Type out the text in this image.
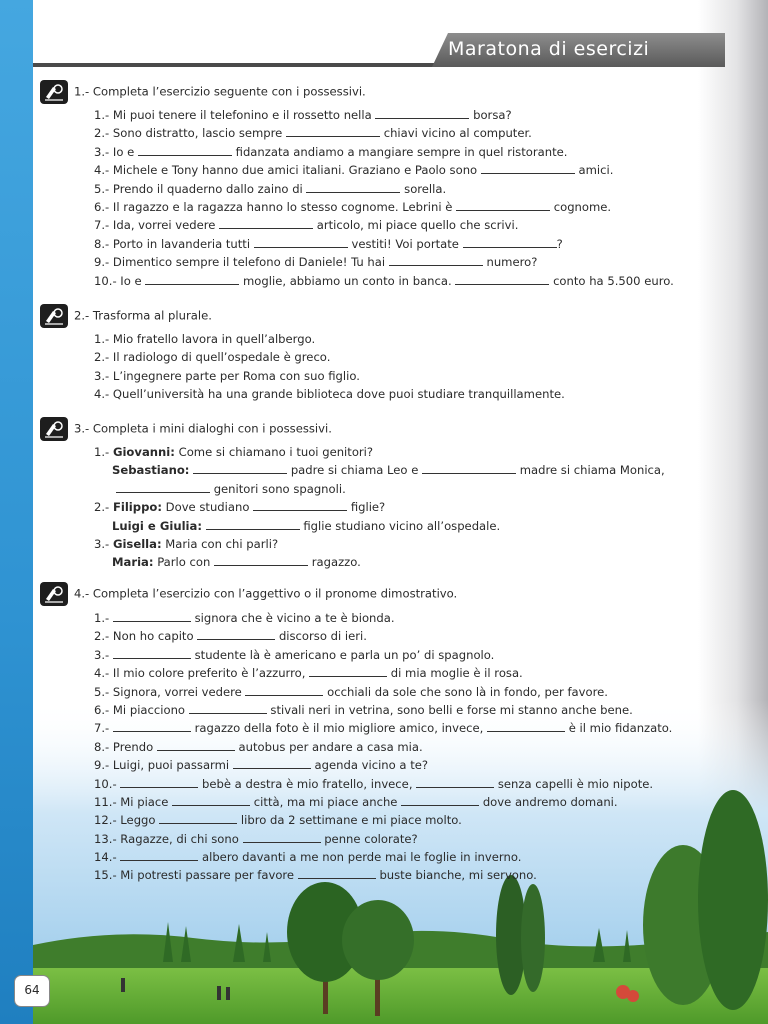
Maratona di esercizi
1.- Completa l’esercizio seguente con i possessivi.
1.- Mi puoi tenere il telefonino e il rossetto nella	borsa?
2.- Sono distratto, lascio sempre	chiavi vicino al computer.
3.- Io e	fidanzata andiamo a mangiare sempre in quel ristorante.
4.- Michele e Tony hanno due amici italiani. Graziano e Paolo sono	amici.
5.- Prendo il quaderno dallo zaino di	sorella.
6.- Il ragazzo e la ragazza hanno lo stesso cognome. Lebrini è	cognome.
7.- Ida, vorrei vedere	articolo, mi piace quello che scrivi.
8.- Porto in lavanderia tutti	vestiti! Voi portate	?
9.- Dimentico sempre il telefono di Daniele! Tu hai	numero?
10.- Io e	moglie, abbiamo un conto in banca.	conto ha 5.500 euro.
2.- Trasforma al plurale.
1.- Mio fratello lavora in quell’albergo.
2.- Il radiologo di quell’ospedale è greco.
3.- L’ingegnere parte per Roma con suo figlio.
4.- Quell’università ha una grande biblioteca dove puoi studiare tranquillamente.
3.- Completa i mini dialoghi con i possessivi.
1.- Giovanni: Come si chiamano i tuoi genitori?
Sebastiano:	padre si chiama Leo e	madre si chiama Monica,
genitori sono spagnoli.
2.- Filippo: Dove studiano	figlie?
Luigi e Giulia:	figlie studiano vicino all’ospedale.
3.- Gisella: Maria con chi parli?
Maria: Parlo con	ragazzo.
4.- Completa l’esercizio con l’aggettivo o il pronome dimostrativo.
1.-	signora che è vicino a te è bionda.
2.- Non ho capito	discorso di ieri.
3.-	studente là è americano e parla un po’ di spagnolo.
4.- Il mio colore preferito è l’azzurro,	di mia moglie è il rosa.
5.- Signora, vorrei vedere	occhiali da sole che sono là in fondo, per favore.
6.- Mi piacciono	stivali neri in vetrina, sono belli e forse mi stanno anche bene.
7.-	ragazzo della foto è il mio migliore amico, invece,	è il mio fidanzato.
8.- Prendo	autobus per andare a casa mia.
9.- Luigi, puoi passarmi	agenda vicino a te?
10.-	bebè a destra è mio fratello, invece,	senza capelli è mio nipote.
11.- Mi piace	città, ma mi piace anche	dove andremo domani.
12.- Leggo	libro da 2 settimane e mi piace molto.
13.- Ragazze, di chi sono	penne colorate?
14.-	albero davanti a me non perde mai le foglie in inverno.
15.- Mi potresti passare per favore	buste bianche, mi servono.
64
